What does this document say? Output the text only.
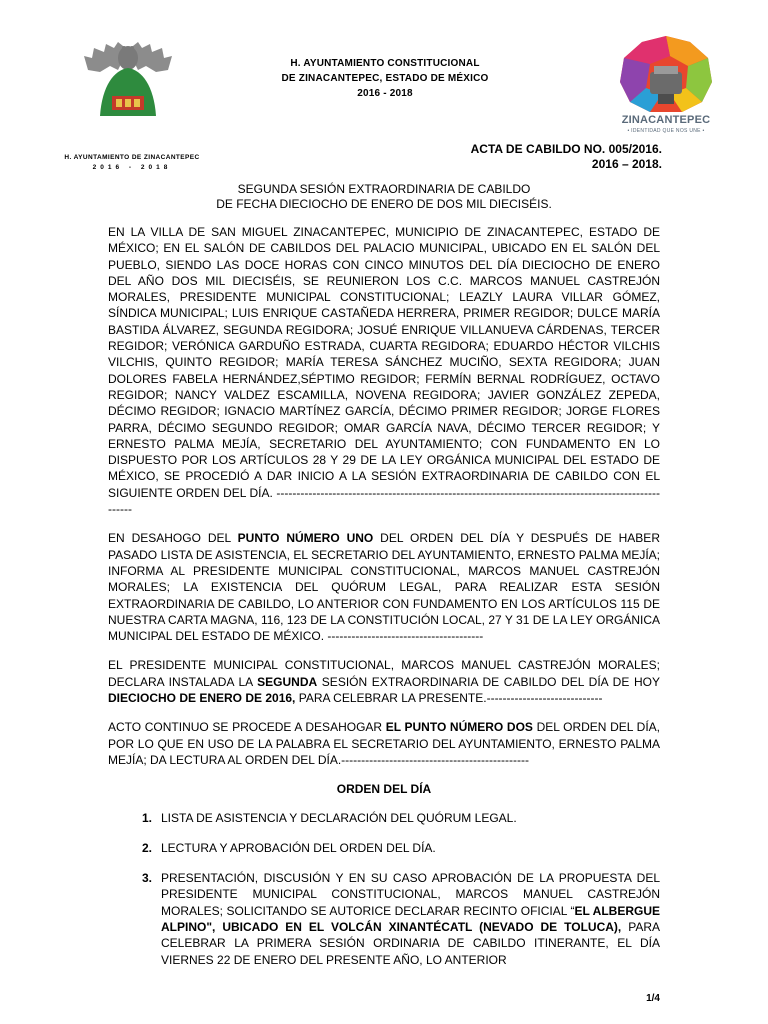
H. AYUNTAMIENTO DE ZINACANTEPEC
2016 - 2018
H. AYUNTAMIENTO CONSTITUCIONAL
DE ZINACANTEPEC, ESTADO DE MÉXICO
2016 - 2018
ZINACANTEPEC
• IDENTIDAD QUE NOS UNE •
ACTA DE CABILDO NO. 005/2016.
2016 – 2018.
SEGUNDA SESIÓN EXTRAORDINARIA DE CABILDO
DE FECHA DIECIOCHO DE ENERO DE DOS MIL DIECISÉIS.

EN LA VILLA DE SAN MIGUEL ZINACANTEPEC, MUNICIPIO DE ZINACANTEPEC, ESTADO DE MÉXICO; EN EL SALÓN DE CABILDOS DEL PALACIO MUNICIPAL, UBICADO EN EL SALÓN DEL PUEBLO, SIENDO LAS DOCE HORAS CON CINCO MINUTOS DEL DÍA DIECIOCHO DE ENERO DEL AÑO DOS MIL DIECISÉIS, SE REUNIERON LOS C.C. MARCOS MANUEL CASTREJÓN MORALES, PRESIDENTE MUNICIPAL CONSTITUCIONAL; LEAZLY LAURA VILLAR GÓMEZ, SÍNDICA MUNICIPAL; LUIS ENRIQUE CASTAÑEDA HERRERA, PRIMER REGIDOR; DULCE MARÍA BASTIDA ÁLVAREZ, SEGUNDA REGIDORA; JOSUÉ ENRIQUE VILLANUEVA CÁRDENAS, TERCER REGIDOR; VERÓNICA GARDUÑO ESTRADA, CUARTA REGIDORA; EDUARDO HÉCTOR VILCHIS VILCHIS, QUINTO REGIDOR; MARÍA TERESA SÁNCHEZ MUCIÑO, SEXTA REGIDORA; JUAN DOLORES FABELA HERNÁNDEZ,SÉPTIMO REGIDOR; FERMÍN BERNAL RODRÍGUEZ, OCTAVO REGIDOR; NANCY VALDEZ ESCAMILLA, NOVENA REGIDORA; JAVIER GONZÁLEZ ZEPEDA, DÉCIMO REGIDOR; IGNACIO MARTÍNEZ GARCÍA, DÉCIMO PRIMER REGIDOR; JORGE FLORES PARRA, DÉCIMO SEGUNDO REGIDOR; OMAR GARCÍA NAVA, DÉCIMO TERCER REGIDOR; Y ERNESTO PALMA MEJÍA, SECRETARIO DEL AYUNTAMIENTO; CON FUNDAMENTO EN LO DISPUESTO POR LOS ARTÍCULOS 28 Y 29 DE LA LEY ORGÁNICA MUNICIPAL DEL ESTADO DE MÉXICO, SE PROCEDIÓ A DAR INICIO A LA SESIÓN EXTRAORDINARIA DE CABILDO CON EL SIGUIENTE ORDEN DEL DÍA. ------------------------------------------------------------------------------------------------------

EN DESAHOGO DEL PUNTO NÚMERO UNO DEL ORDEN DEL DÍA Y DESPUÉS DE HABER PASADO LISTA DE ASISTENCIA, EL SECRETARIO DEL AYUNTAMIENTO, ERNESTO PALMA MEJÍA; INFORMA AL PRESIDENTE MUNICIPAL CONSTITUCIONAL, MARCOS MANUEL CASTREJÓN MORALES; LA EXISTENCIA DEL QUÓRUM LEGAL, PARA REALIZAR ESTA SESIÓN EXTRAORDINARIA DE CABILDO, LO ANTERIOR CON FUNDAMENTO EN LOS ARTÍCULOS 115 DE NUESTRA CARTA MAGNA, 116, 123 DE LA CONSTITUCIÓN LOCAL, 27 Y 31 DE LA LEY ORGÁNICA MUNICIPAL DEL ESTADO DE MÉXICO. ---------------------------------------

EL PRESIDENTE MUNICIPAL CONSTITUCIONAL, MARCOS MANUEL CASTREJÓN MORALES; DECLARA INSTALADA LA SEGUNDA SESIÓN EXTRAORDINARIA DE CABILDO DEL DÍA DE HOY DIECIOCHO DE ENERO DE 2016, PARA CELEBRAR LA PRESENTE.-----------------------------

ACTO CONTINUO SE PROCEDE A DESAHOGAR EL PUNTO NÚMERO DOS DEL ORDEN DEL DÍA, POR LO QUE EN USO DE LA PALABRA EL SECRETARIO DEL AYUNTAMIENTO, ERNESTO PALMA MEJÍA; DA LECTURA AL ORDEN DEL DÍA.-----------------------------------------------

ORDEN DEL DÍA
1. LISTA DE ASISTENCIA Y DECLARACIÓN DEL QUÓRUM LEGAL.
2. LECTURA Y APROBACIÓN DEL ORDEN DEL DÍA.
3. PRESENTACIÓN, DISCUSIÓN Y EN SU CASO APROBACIÓN DE LA PROPUESTA DEL PRESIDENTE MUNICIPAL CONSTITUCIONAL, MARCOS MANUEL CASTREJÓN MORALES; SOLICITANDO SE AUTORICE DECLARAR RECINTO OFICIAL “EL ALBERGUE ALPINO", UBICADO EN EL VOLCÁN XINANTÉCATL (NEVADO DE TOLUCA), PARA CELEBRAR LA PRIMERA SESIÓN ORDINARIA DE CABILDO ITINERANTE, EL DÍA VIERNES 22 DE ENERO DEL PRESENTE AÑO, LO ANTERIOR
1/4
